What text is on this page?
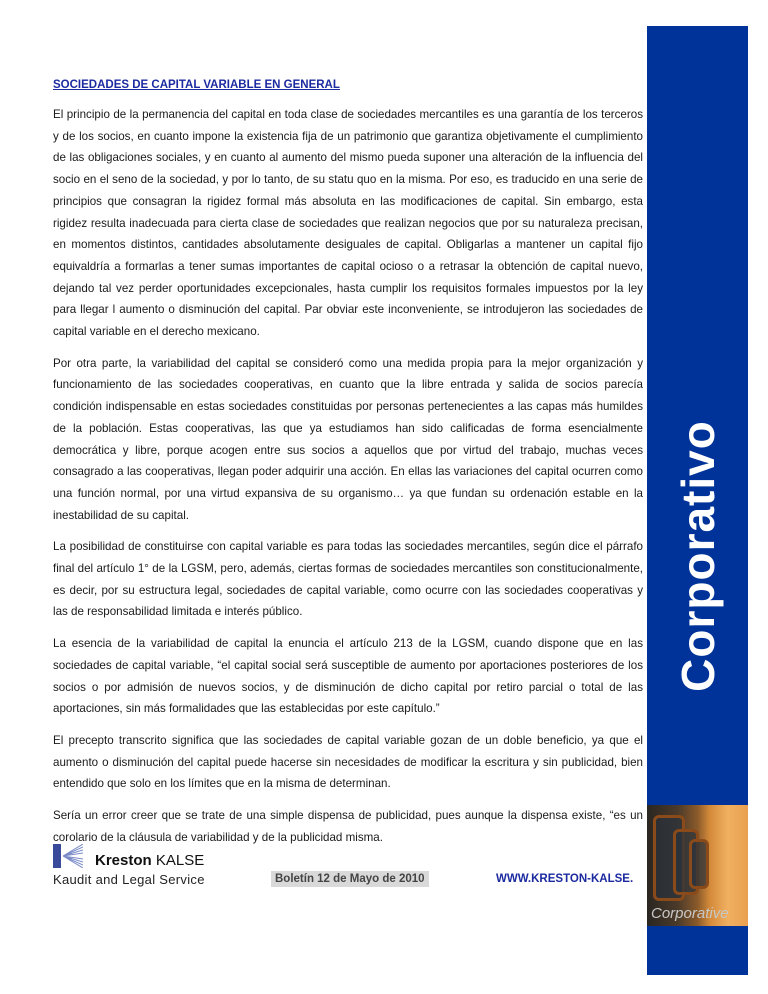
SOCIEDADES DE CAPITAL VARIABLE EN GENERAL

El principio de la permanencia del capital en toda clase de sociedades mercantiles es una garantía de los terceros y de los socios, en cuanto impone la existencia fija de un patrimonio que garantiza objetivamente el cumplimiento de las obligaciones sociales, y en cuanto al aumento del mismo pueda suponer una alteración de la influencia del socio en el seno de la sociedad, y por lo tanto, de su statu quo en la misma. Por eso, es traducido en una serie de principios que consagran la rigidez formal más absoluta en las modificaciones de capital. Sin embargo, esta rigidez resulta inadecuada para cierta clase de sociedades que realizan negocios que por su naturaleza precisan, en momentos distintos, cantidades absolutamente desiguales de capital. Obligarlas a mantener un capital fijo equivaldría a formarlas a tener sumas importantes de capital ocioso o a retrasar la obtención de capital nuevo, dejando tal vez perder oportunidades excepcionales, hasta cumplir los requisitos formales impuestos por la ley para llegar l aumento o disminución del capital. Par obviar este inconveniente, se introdujeron las sociedades de capital variable en el derecho mexicano.

Por otra parte, la variabilidad del capital se consideró como una medida propia para la mejor organización y funcionamiento de las sociedades cooperativas, en cuanto que la libre entrada y salida de socios parecía condición indispensable en estas sociedades constituidas por personas pertenecientes a las capas más humildes de la población. Estas cooperativas, las que ya estudiamos han sido calificadas de forma esencialmente democrática y libre, porque acogen entre sus socios a aquellos que por virtud del trabajo, muchas veces consagrado a las cooperativas, llegan poder adquirir una acción. En ellas las variaciones del capital ocurren como una función normal, por una virtud expansiva de su organismo… ya que fundan su ordenación estable en la inestabilidad de su capital.

La posibilidad de constituirse con capital variable es para todas las sociedades mercantiles, según dice el párrafo final del artículo 1° de la LGSM, pero, además, ciertas formas de sociedades mercantiles son constitucionalmente, es decir, por su estructura legal, sociedades de capital variable, como ocurre con las sociedades cooperativas y las de responsabilidad limitada e interés público.

La esencia de la variabilidad de capital la enuncia el artículo 213 de la LGSM, cuando dispone que en las sociedades de capital variable, “el capital social será susceptible de aumento por aportaciones posteriores de los socios o por admisión de nuevos socios, y de disminución de dicho capital por retiro parcial o total de las aportaciones, sin más formalidades que las establecidas por este capítulo.”

El precepto transcrito significa que las sociedades de capital variable gozan de un doble beneficio, ya que el aumento o disminución del capital puede hacerse sin necesidades de modificar la escritura y sin publicidad, bien entendido que solo en los límites que en la misma de determinan.

Sería un error creer que se trate de una simple dispensa de publicidad, pues aunque la dispensa existe, “es un corolario de la cláusula de variabilidad y de la publicidad misma.

Corporativo
Corporative
Kreston KALSE
Kaudit and Legal Service	Boletín 12 de Mayo de 2010	WWW.KRESTON-KALSE.
